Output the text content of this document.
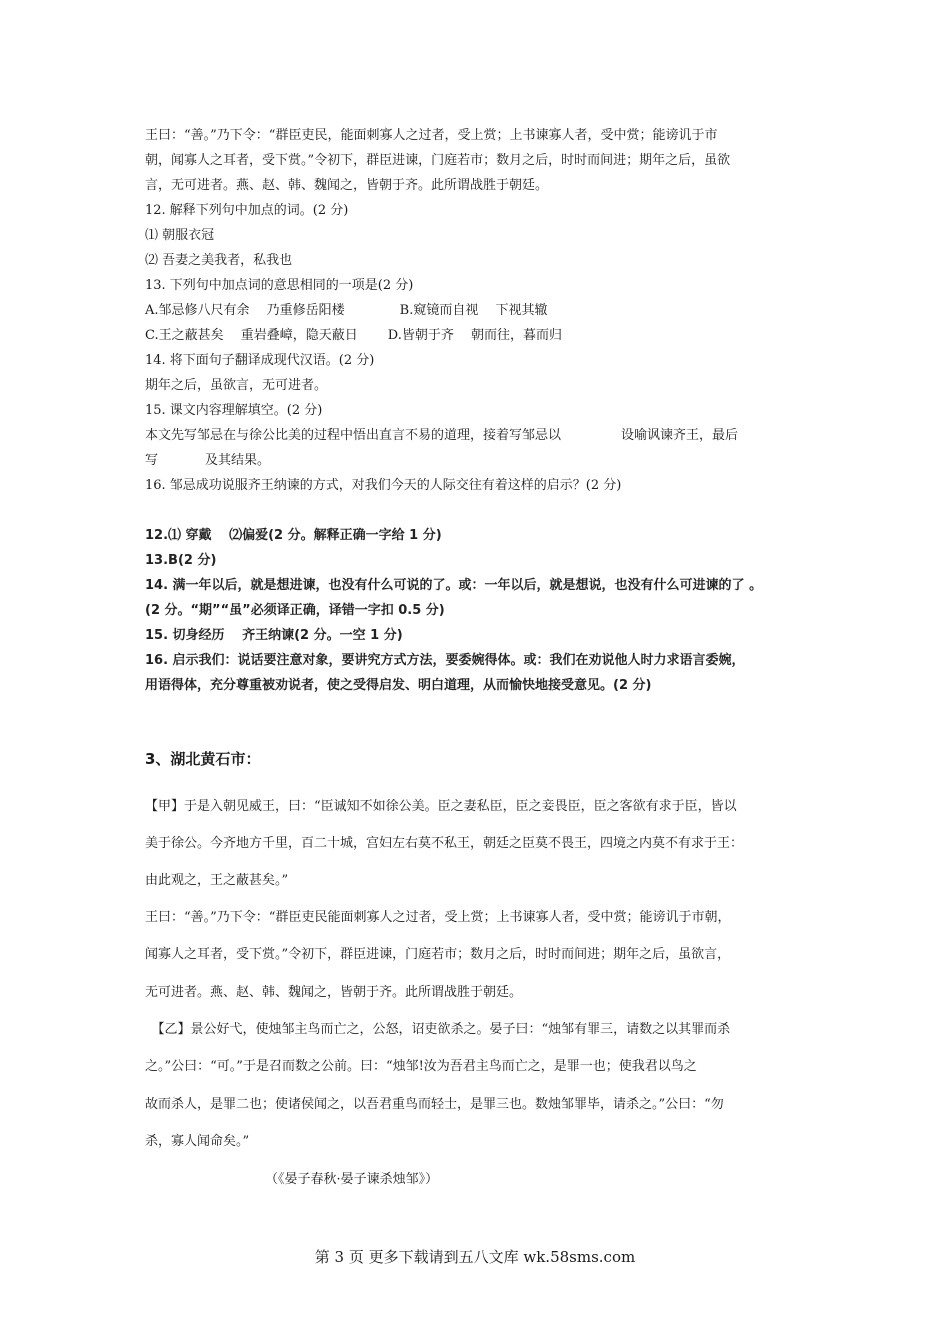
王曰：“善。”乃下令：“群臣吏民，能面刺寡人之过者，受上赏；上书谏寡人者，受中赏；能谤讥于市
朝，闻寡人之耳者，受下赏。”令初下，群臣进谏，门庭若市；数月之后，时时而间进；期年之后，虽欲
言，无可进者。燕、赵、韩、魏闻之，皆朝于齐。此所谓战胜于朝廷。
12. 解释下列句中加点的词。(2 分)
⑴ 朝服衣冠
⑵ 吾妻之美我者，私我也
13. 下列句中加点词的意思相同的一项是(2 分)
A.邹忌修八尺有余　 乃重修岳阳楼	B.窥镜而自视　 下视其辙
C.王之蔽甚矣　 重岩叠嶂，隐天蔽日 D.皆朝于齐　 朝而往，暮而归
14. 将下面句子翻译成现代汉语。(2 分)
期年之后，虽欲言，无可进者。
15. 课文内容理解填空。(2 分)
本文先写邹忌在与徐公比美的过程中悟出直言不易的道理，接着写邹忌以	设喻讽谏齐王，最后
写	及其结果。
16. 邹忌成功说服齐王纳谏的方式，对我们今天的人际交往有着这样的启示？(2 分)
12.⑴ 穿戴　 ⑵偏爱(2 分。解释正确一字给 1 分)
13.B(2 分)
14. 满一年以后，就是想进谏，也没有什么可说的了。或：一年以后，就是想说，也没有什么可进谏的了 。
(2 分。“期”“虽”必须译正确，译错一字扣 0.5 分)
15. 切身经历　 齐王纳谏(2 分。一空 1 分)
16. 启示我们：说话要注意对象，要讲究方式方法，要委婉得体。或：我们在劝说他人时力求语言委婉，
用语得体，充分尊重被劝说者，使之受得启发、明白道理，从而愉快地接受意见。(2 分)
3、湖北黄石市：
【甲】于是入朝见威王，曰：“臣诚知不如徐公美。臣之妻私臣，臣之妾畏臣，臣之客欲有求于臣，皆以
美于徐公。今齐地方千里，百二十城，宫妇左右莫不私王，朝廷之臣莫不畏王，四境之内莫不有求于王：
由此观之，王之蔽甚矣。”
王曰：“善。”乃下令：“群臣吏民能面刺寡人之过者，受上赏；上书谏寡人者，受中赏；能谤讥于市朝，
闻寡人之耳者，受下赏。”令初下，群臣进谏，门庭若市；数月之后，时时而间进；期年之后，虽欲言，
无可进者。燕、赵、韩、魏闻之，皆朝于齐。此所谓战胜于朝廷。
　【乙】景公好弋，使烛邹主鸟而亡之，公怒，诏吏欲杀之。晏子曰：“烛邹有罪三，请数之以其罪而杀
之。”公曰：“可。”于是召而数之公前。曰：“烛邹!汝为吾君主鸟而亡之，是罪一也；使我君以鸟之
故而杀人，是罪二也；使诸侯闻之，以吾君重鸟而轻士，是罪三也。数烛邹罪毕，请杀之。”公曰：“勿
杀，寡人闻命矣。”
（《晏子春秋·晏子谏杀烛邹》）
第 3 页 更多下载请到五八文库 wk.58sms.com
